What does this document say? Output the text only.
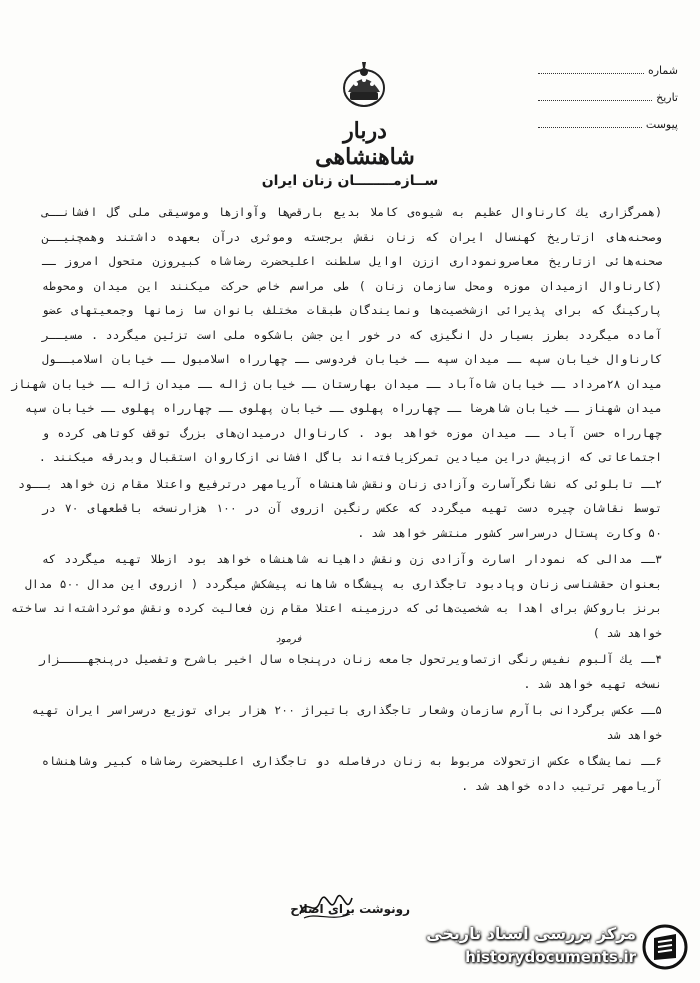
دربار شاهنشاهی
شماره
تاریخ
پیوست
ســازمــــــــان زنان ایران

(همرگزاری یك كارناوال عظیم به شیوه‌ی كاملا بدیع بارقص‌ها وآوازها وموسیقی ملی گل افشانــی
وصحنه‌های ازتاریخ كهنسال ایران كه زنان نقش برجسته وموثری درآن بعهده داشتند وهمچنیــن
صحنه‌هائی ازتاریخ معاصرونموداری اززن اوایل سلطنت اعلیحضرت رضاشاه كبیروزن متحول امروز ــ
(كارناوال ازمیدان موزه ومحل سازمان زنان ) طی مراسم خاص حركت میكنند این میدان ومحوطه
پاركینگ كه برای پذیرائی ازشخصیت‌ها ونمایندگان طبقات مختلف بانوان سا زمانها وجمعیتهای عضو
آماده میگردد بطرز بسیار دل انگیزی كه در خور این جشن باشكوه ملی است تزئین میگردد . مسیــر
كارناوال خیابان سپه ــ میدان سپه ــ خیابان فردوسی ــ چهارراه اسلامبول ــ خیابان اسلامبــول
میدان ۲۸مرداد ــ خیابان شاه‌آباد ــ میدان بهارستان ــ خیابان ژاله ــ میدان ژاله ــ خیابان شهناز
میدان شهناز ــ خیابان شاهرضا ــ چهارراه پهلوی ــ خیابان پهلوی ــ چهارراه پهلوی ــ خیابان سپه
چهارراه حسن آباد ــ میدان موزه خواهد بود . كارناوال درمیدان‌های بزرگ توقف كوتاهی كرده و
اجتماعاتی كه ازپیش دراین میادین تمركزیافته‌اند باگل افشانی ازكاروان استقبال وبدرقه میكنند .

۲ــ تابلوئی كه نشانگرآسارت وآزادی زنان ونقش شاهنشاه آریامهر درترفیع واعتلا مقام زن خواهد بــود
توسط نقاشان چیره دست تهیه میگردد كه عكس رنگین ازروی آن در ۱۰۰ هزارنسخه باقطعهای ۷۰ در
۵۰ وكارت پستال درسراسر كشور منتشر خواهد شد .

۳ــ مدالی كه نمودار اسارت وآزادی زن ونقش داهیانه شاهنشاه خواهد بود ازطلا تهیه میگردد كه
بعنوان حقشناسی زنان وپادبود تاجگذاری به پیشگاه شاهانه پیشكش میگردد ( ازروی این مدال ۵۰۰ مدال
برنز باروكش برای اهدا به شخصیت‌هائی كه درزمینه اعتلا مقام زن فعالیت كرده ونقش موثرداشته‌اند ساخته
خواهد شد )

۴ــ یك آلبوم نفیس رنگی ازتصاویرتحول جامعه زنان درپنجاه سال اخیر باشرح وتفصیل درپنجهــــزار
نسخه تهیه خواهد شد .

۵ــ عكس برگردانی باآرم سازمان وشعار تاجگذاری باتیراژ ۲۰۰ هزار برای توزیع درسراسر ایران تهیه
خواهد شد

۶ــ نمایشگاه عكس ازتحولات مربوط به زنان درفاصله دو تاجگذاری اعلیحضرت رضاشاه كبیر وشاهنشاه
آریامهر ترتیب داده خواهد شد .

فرمود
رونوشت برای اصلاح
مرکز بررسی اسناد تاریخی
historydocuments.ir
